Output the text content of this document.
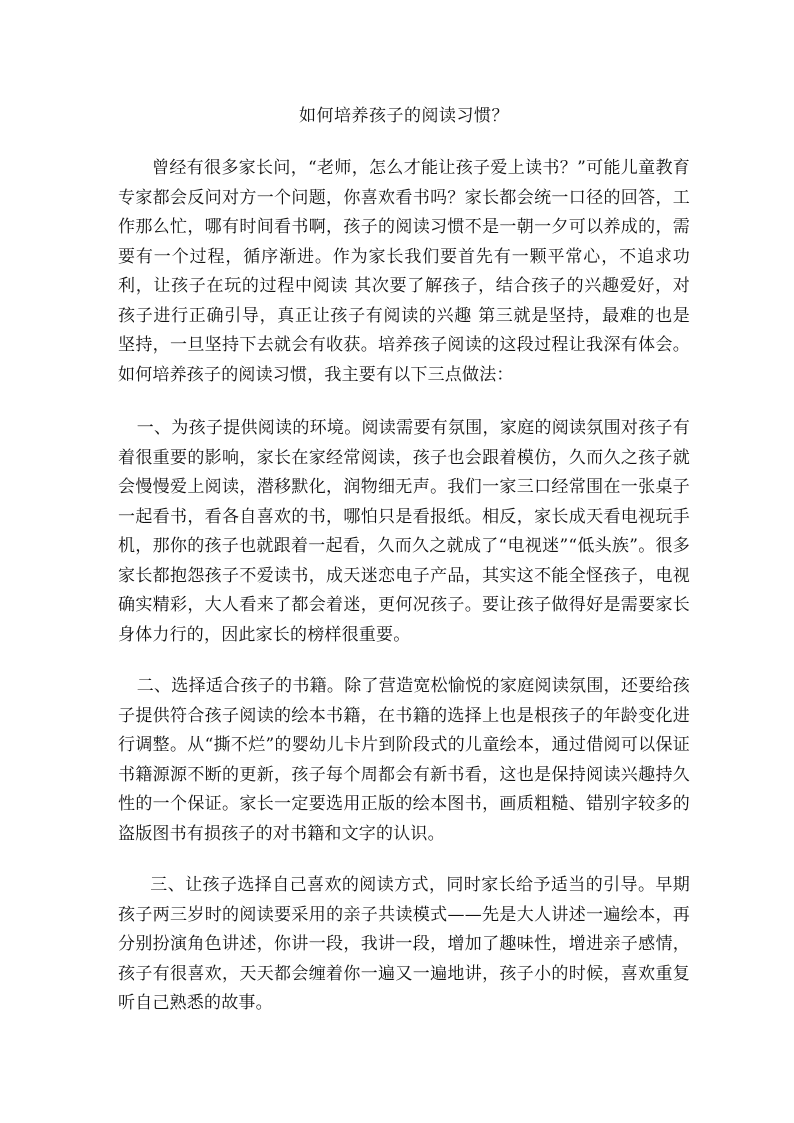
如何培养孩子的阅读习惯？
曾经有很多家长问，“老师，怎么才能让孩子爱上读书？”可能儿童教育专家都会反问对方一个问题，你喜欢看书吗？家长都会统一口径的回答，工作那么忙，哪有时间看书啊，孩子的阅读习惯不是一朝一夕可以养成的，需要有一个过程，循序渐进。作为家长我们要首先有一颗平常心，不追求功利，让孩子在玩的过程中阅读 其次要了解孩子，结合孩子的兴趣爱好，对孩子进行正确引导，真正让孩子有阅读的兴趣 第三就是坚持，最难的也是坚持，一旦坚持下去就会有收获。培养孩子阅读的这段过程让我深有体会。如何培养孩子的阅读习惯，我主要有以下三点做法：
一、为孩子提供阅读的环境。阅读需要有氛围，家庭的阅读氛围对孩子有着很重要的影响，家长在家经常阅读，孩子也会跟着模仿，久而久之孩子就会慢慢爱上阅读，潜移默化，润物细无声。我们一家三口经常围在一张桌子一起看书，看各自喜欢的书，哪怕只是看报纸。相反，家长成天看电视玩手机，那你的孩子也就跟着一起看，久而久之就成了“电视迷”“低头族”。很多家长都抱怨孩子不爱读书，成天迷恋电子产品，其实这不能全怪孩子，电视确实精彩，大人看来了都会着迷，更何况孩子。要让孩子做得好是需要家长身体力行的，因此家长的榜样很重要。
二、选择适合孩子的书籍。除了营造宽松愉悦的家庭阅读氛围，还要给孩子提供符合孩子阅读的绘本书籍，在书籍的选择上也是根孩子的年龄变化进行调整。从“撕不烂”的婴幼儿卡片到阶段式的儿童绘本，通过借阅可以保证书籍源源不断的更新，孩子每个周都会有新书看，这也是保持阅读兴趣持久性的一个保证。家长一定要选用正版的绘本图书，画质粗糙、错别字较多的盗版图书有损孩子的对书籍和文字的认识。
三、让孩子选择自己喜欢的阅读方式，同时家长给予适当的引导。早期孩子两三岁时的阅读要采用的亲子共读模式——先是大人讲述一遍绘本，再分别扮演角色讲述，你讲一段，我讲一段，增加了趣味性，增进亲子感情，孩子有很喜欢，天天都会缠着你一遍又一遍地讲，孩子小的时候，喜欢重复听自己熟悉的故事。
